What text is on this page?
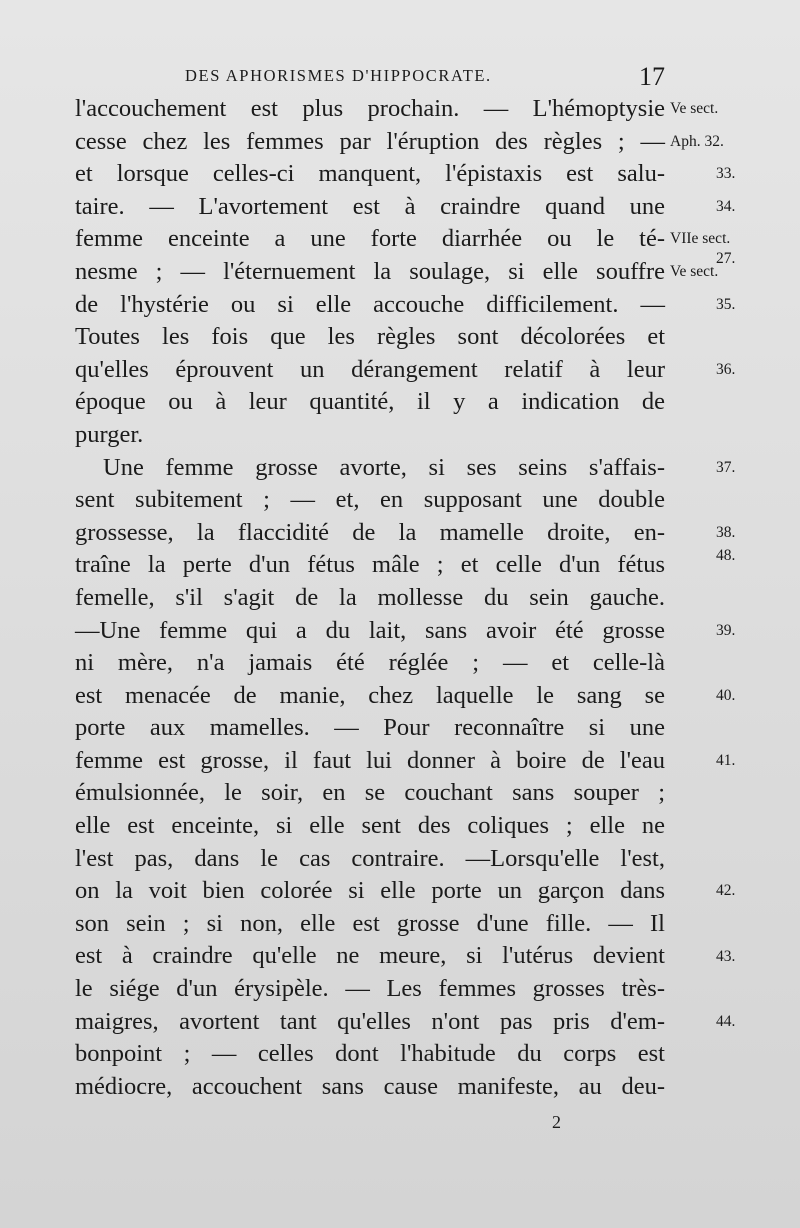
DES APHORISMES D'HIPPOCRATE.	17
l'accouchement est plus prochain. — L'hémoptysie
cesse chez les femmes par l'éruption des règles ; —
et lorsque celles-ci manquent, l'épistaxis est salu-
taire. — L'avortement est à craindre quand une
femme enceinte a une forte diarrhée ou le té-
nesme ; — l'éternuement la soulage, si elle souffre
de l'hystérie ou si elle accouche difficilement. —
Toutes les fois que les règles sont décolorées et
qu'elles éprouvent un dérangement relatif à leur
époque ou à leur quantité, il y a indication de
purger.
Une femme grosse avorte, si ses seins s'affais-
sent subitement ; — et, en supposant une double
grossesse, la flaccidité de la mamelle droite, en-
traîne la perte d'un fétus mâle ; et celle d'un fétus
femelle, s'il s'agit de la mollesse du sein gauche.
—Une femme qui a du lait, sans avoir été grosse
ni mère, n'a jamais été réglée ; — et celle-là
est menacée de manie, chez laquelle le sang se
porte aux mamelles. — Pour reconnaître si une
femme est grosse, il faut lui donner à boire de l'eau
émulsionnée, le soir, en se couchant sans souper ;
elle est enceinte, si elle sent des coliques ; elle ne
l'est pas, dans le cas contraire. —Lorsqu'elle l'est,
on la voit bien colorée si elle porte un garçon dans
son sein ; si non, elle est grosse d'une fille. — Il
est à craindre qu'elle ne meure, si l'utérus devient
le siége d'un érysipèle. — Les femmes grosses très-
maigres, avortent tant qu'elles n'ont pas pris d'em-
bonpoint ; — celles dont l'habitude du corps est
médiocre, accouchent sans cause manifeste, au deu-
Ve sect.
Aph. 32.
33.
34.
VIIe sect.
27.
Ve sect.
35.
36.
37.
38.
48.
39.
40.
41.
42.
43.
44.
2
